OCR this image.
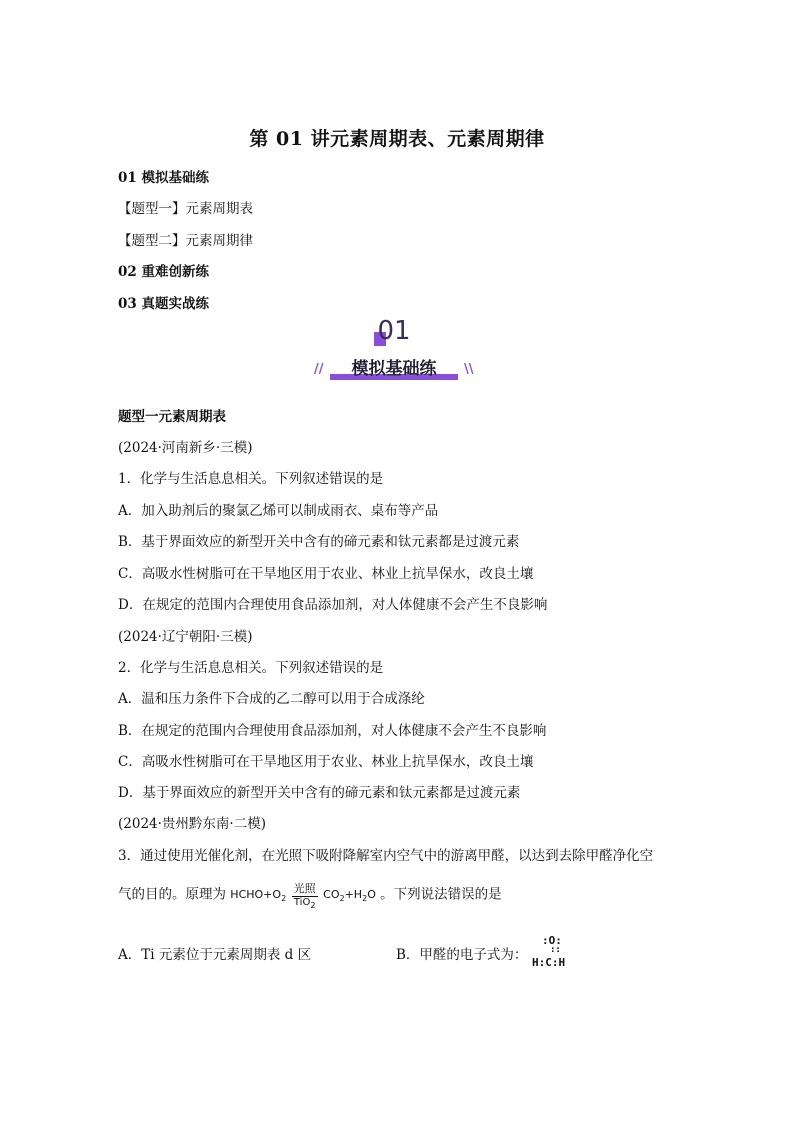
第 01 讲元素周期表、元素周期律
01 模拟基础练
【题型一】元素周期表
【题型二】元素周期律
02 重难创新练
03 真题实战练
01
模拟基础练
//	\\
题型一元素周期表
(2024·河南新乡·三模)
1．化学与生活息息相关。下列叙述错误的是
A．加入助剂后的聚氯乙烯可以制成雨衣、桌布等产品
B．基于界面效应的新型开关中含有的碲元素和钛元素都是过渡元素
C．高吸水性树脂可在干旱地区用于农业、林业上抗旱保水，改良土壤
D．在规定的范围内合理使用食品添加剂，对人体健康不会产生不良影响
(2024·辽宁朝阳·三模)
2．化学与生活息息相关。下列叙述错误的是
A．温和压力条件下合成的乙二醇可以用于合成涤纶
B．在规定的范围内合理使用食品添加剂，对人体健康不会产生不良影响
C．高吸水性树脂可在干旱地区用于农业、林业上抗旱保水，改良土壤
D．基于界面效应的新型开关中含有的碲元素和钛元素都是过渡元素
(2024·贵州黔东南·二模)
3．通过使用光催化剂，在光照下吸附降解室内空气中的游离甲醛，以达到去除甲醛净化空
气的目的。原理为 $HCHO+O_2 \frac{\text{光照}}{TiO_2} CO_2+H_2O$ 。下列说法错误的是
A．Ti 元素位于元素周期表 d 区	B．甲醛的电子式为：
:O:
::
H:C:H
